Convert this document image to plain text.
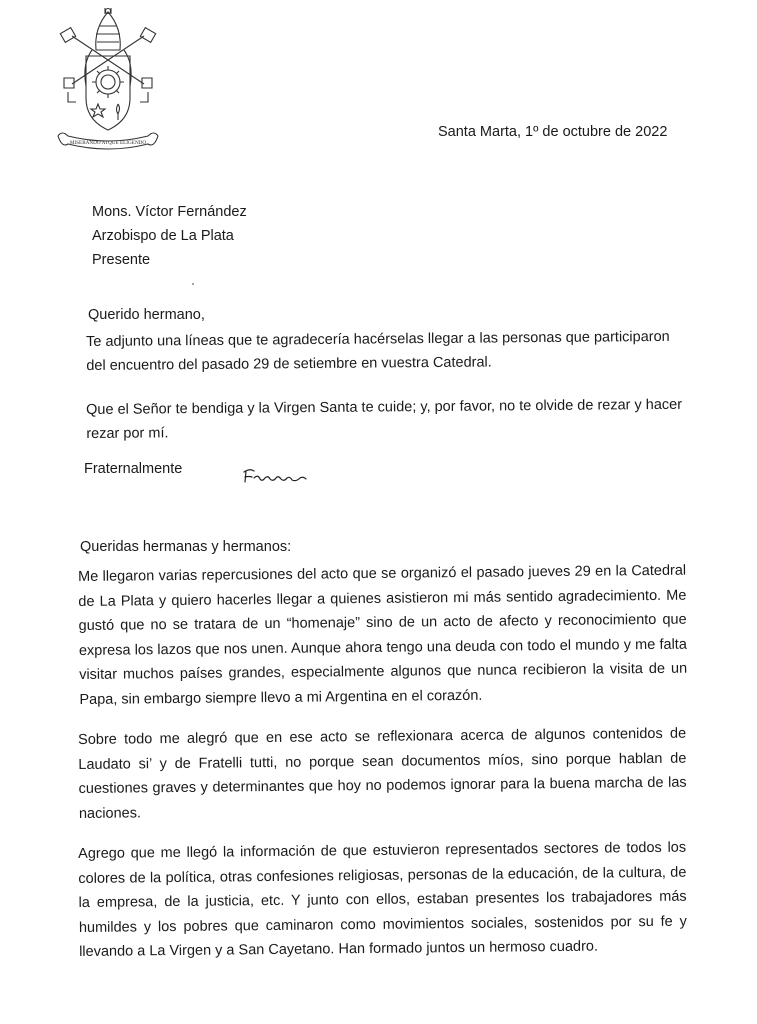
MISERANDO ATQUE ELIGENDO
Santa Marta, 1º de octubre de 2022
Mons. Víctor Fernández
Arzobispo de La Plata
Presente
Querido hermano,
Te adjunto una líneas que te agradecería hacérselas llegar a las personas que participaron del encuentro del pasado 29 de setiembre en vuestra Catedral.
Que el Señor te bendiga y la Virgen Santa te cuide; y, por favor, no te olvide de rezar y hacer rezar por mí.
Fraternalmente
Queridas hermanas y hermanos:
Me llegaron varias repercusiones del acto que se organizó el pasado jueves 29 en la Catedral de La Plata y quiero hacerles llegar a quienes asistieron mi más sentido agradecimiento. Me gustó que no se tratara de un “homenaje” sino de un acto de afecto y reconocimiento que expresa los lazos que nos unen. Aunque ahora tengo una deuda con todo el mundo y me falta visitar muchos países grandes, especialmente algunos que nunca recibieron la visita de un Papa, sin embargo siempre llevo a mi Argentina en el corazón.
Sobre todo me alegró que en ese acto se reflexionara acerca de algunos contenidos de Laudato si’ y de Fratelli tutti, no porque sean documentos míos, sino porque hablan de cuestiones graves y determinantes que hoy no podemos ignorar para la buena marcha de las naciones.
Agrego que me llegó la información de que estuvieron representados sectores de todos los colores de la política, otras confesiones religiosas, personas de la educación, de la cultura, de la empresa, de la justicia, etc. Y junto con ellos, estaban presentes los trabajadores más humildes y los pobres que caminaron como movimientos sociales, sostenidos por su fe y llevando a La Virgen y a San Cayetano. Han formado juntos un hermoso cuadro.
